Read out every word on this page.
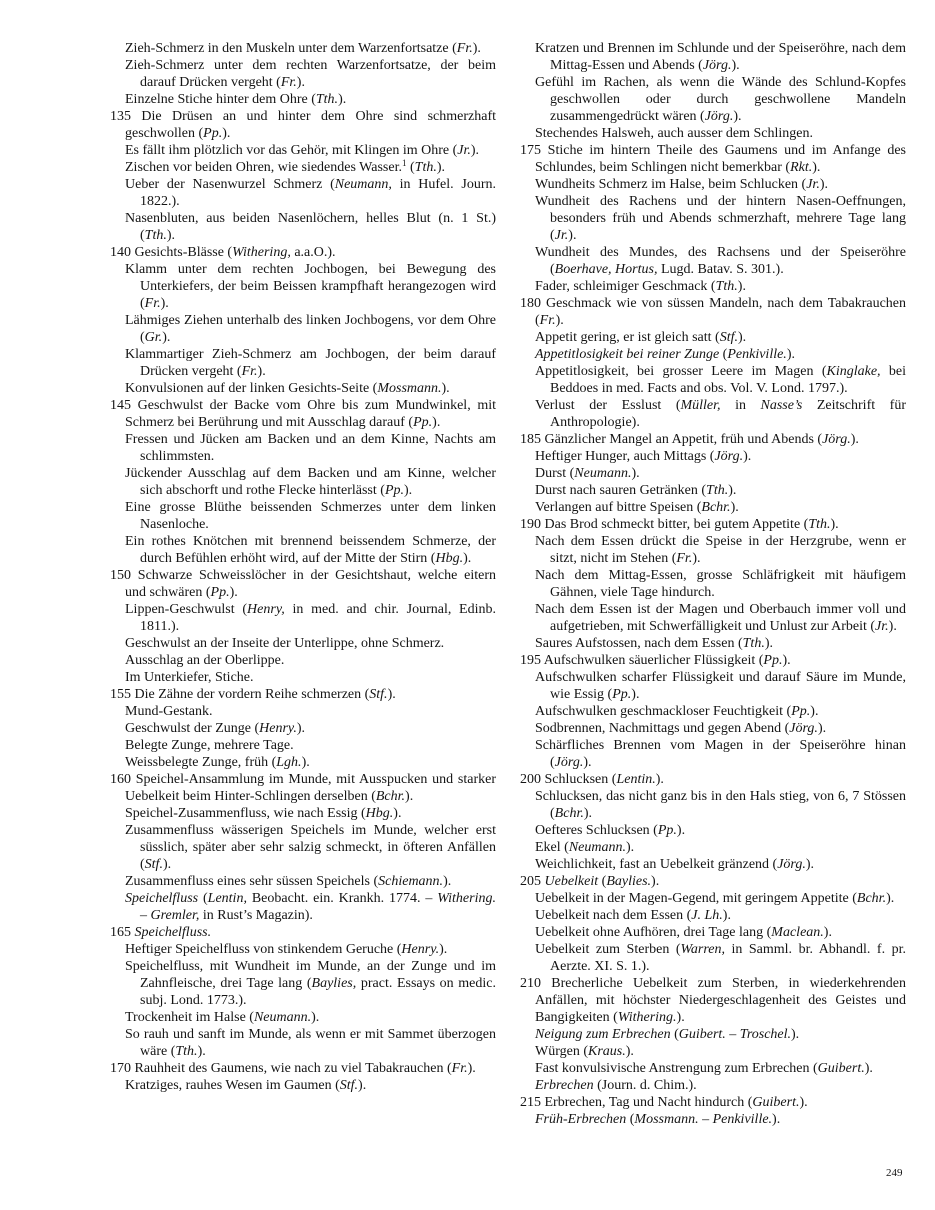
Zieh-Schmerz in den Muskeln unter dem Warzenfortsatze (Fr.).
Zieh-Schmerz unter dem rechten Warzenfortsatze, der beim darauf Drücken vergeht (Fr.).
Einzelne Stiche hinter dem Ohre (Tth.).
135 Die Drüsen an und hinter dem Ohre sind schmerzhaft geschwollen (Pp.).
Es fällt ihm plötzlich vor das Gehör, mit Klingen im Ohre (Jr.).
Zischen vor beiden Ohren, wie siedendes Wasser.$^1$ (Tth.).
Ueber der Nasenwurzel Schmerz (Neumann, in Hufel. Journ. 1822.).
Nasenbluten, aus beiden Nasenlöchern, helles Blut (n. 1 St.) (Tth.).
140 Gesichts-Blässe (Withering, a.a.O.).
Klamm unter dem rechten Jochbogen, bei Bewegung des Unterkiefers, der beim Beissen krampfhaft herangezogen wird (Fr.).
Lähmiges Ziehen unterhalb des linken Jochbogens, vor dem Ohre (Gr.).
Klammartiger Zieh-Schmerz am Jochbogen, der beim darauf Drücken vergeht (Fr.).
Konvulsionen auf der linken Gesichts-Seite (Mossmann.).
145 Geschwulst der Backe vom Ohre bis zum Mundwinkel, mit Schmerz bei Berührung und mit Ausschlag darauf (Pp.).
Fressen und Jücken am Backen und an dem Kinne, Nachts am schlimmsten.
Jückender Ausschlag auf dem Backen und am Kinne, welcher sich abschorft und rothe Flecke hinterlässt (Pp.).
Eine grosse Blüthe beissenden Schmerzes unter dem linken Nasenloche.
Ein rothes Knötchen mit brennend beissendem Schmerze, der durch Befühlen erhöht wird, auf der Mitte der Stirn (Hbg.).
150 Schwarze Schweisslöcher in der Gesichtshaut, welche eitern und schwären (Pp.).
Lippen-Geschwulst (Henry, in med. and chir. Journal, Edinb. 1811.).
Geschwulst an der Inseite der Unterlippe, ohne Schmerz.
Ausschlag an der Oberlippe.
Im Unterkiefer, Stiche.
155 Die Zähne der vordern Reihe schmerzen (Stf.).
Mund-Gestank.
Geschwulst der Zunge (Henry.).
Belegte Zunge, mehrere Tage.
Weissbelegte Zunge, früh (Lgh.).
160 Speichel-Ansammlung im Munde, mit Ausspucken und starker Uebelkeit beim Hinter-Schlingen derselben (Bchr.).
Speichel-Zusammenfluss, wie nach Essig (Hbg.).
Zusammenfluss wässerigen Speichels im Munde, welcher erst süsslich, später aber sehr salzig schmeckt, in öfteren Anfällen (Stf.).
Zusammenfluss eines sehr süssen Speichels (Schiemann.).
Speichelfluss (Lentin, Beobacht. ein. Krankh. 1774. – Withering. – Gremler, in Rust’s Magazin).
165 Speichelfluss.
Heftiger Speichelfluss von stinkendem Geruche (Henry.).
Speichelfluss, mit Wundheit im Munde, an der Zunge und im Zahnfleische, drei Tage lang (Baylies, pract. Essays on medic. subj. Lond. 1773.).
Trockenheit im Halse (Neumann.).
So rauh und sanft im Munde, als wenn er mit Sammet überzogen wäre (Tth.).
170 Rauhheit des Gaumens, wie nach zu viel Tabakrauchen (Fr.).
Kratziges, rauhes Wesen im Gaumen (Stf.).
Kratzen und Brennen im Schlunde und der Speiseröhre, nach dem Mittag-Essen und Abends (Jörg.).
Gefühl im Rachen, als wenn die Wände des Schlund-Kopfes geschwollen oder durch geschwollene Mandeln zusammengedrückt wären (Jörg.).
Stechendes Halsweh, auch ausser dem Schlingen.
175 Stiche im hintern Theile des Gaumens und im Anfange des Schlundes, beim Schlingen nicht bemerkbar (Rkt.).
Wundheits Schmerz im Halse, beim Schlucken (Jr.).
Wundheit des Rachens und der hintern Nasen-Oeffnungen, besonders früh und Abends schmerzhaft, mehrere Tage lang (Jr.).
Wundheit des Mundes, des Rachsens und der Speiseröhre (Boerhave, Hortus, Lugd. Batav. S. 301.).
Fader, schleimiger Geschmack (Tth.).
180 Geschmack wie von süssen Mandeln, nach dem Tabakrauchen (Fr.).
Appetit gering, er ist gleich satt (Stf.).
Appetitlosigkeit bei reiner Zunge (Penkiville.).
Appetitlosigkeit, bei grosser Leere im Magen (Kinglake, bei Beddoes in med. Facts and obs. Vol. V. Lond. 1797.).
Verlust der Esslust (Müller, in Nasse’s Zeitschrift für Anthropologie).
185 Gänzlicher Mangel an Appetit, früh und Abends (Jörg.).
Heftiger Hunger, auch Mittags (Jörg.).
Durst (Neumann.).
Durst nach sauren Getränken (Tth.).
Verlangen auf bittre Speisen (Bchr.).
190 Das Brod schmeckt bitter, bei gutem Appetite (Tth.).
Nach dem Essen drückt die Speise in der Herzgrube, wenn er sitzt, nicht im Stehen (Fr.).
Nach dem Mittag-Essen, grosse Schläfrigkeit mit häufigem Gähnen, viele Tage hindurch.
Nach dem Essen ist der Magen und Oberbauch immer voll und aufgetrieben, mit Schwerfälligkeit und Unlust zur Arbeit (Jr.).
Saures Aufstossen, nach dem Essen (Tth.).
195 Aufschwulken säuerlicher Flüssigkeit (Pp.).
Aufschwulken scharfer Flüssigkeit und darauf Säure im Munde, wie Essig (Pp.).
Aufschwulken geschmackloser Feuchtigkeit (Pp.).
Sodbrennen, Nachmittags und gegen Abend (Jörg.).
Schärfliches Brennen vom Magen in der Speiseröhre hinan (Jörg.).
200 Schlucksen (Lentin.).
Schlucksen, das nicht ganz bis in den Hals stieg, von 6, 7 Stössen (Bchr.).
Oefteres Schlucksen (Pp.).
Ekel (Neumann.).
Weichlichkeit, fast an Uebelkeit gränzend (Jörg.).
205 Uebelkeit (Baylies.).
Uebelkeit in der Magen-Gegend, mit geringem Appetite (Bchr.).
Uebelkeit nach dem Essen (J. Lh.).
Uebelkeit ohne Aufhören, drei Tage lang (Maclean.).
Uebelkeit zum Sterben (Warren, in Samml. br. Abhandl. f. pr. Aerzte. XI. S. 1.).
210 Brecherliche Uebelkeit zum Sterben, in wiederkehrenden Anfällen, mit höchster Niedergeschlagenheit des Geistes und Bangigkeiten (Withering.).
Neigung zum Erbrechen (Guibert. – Troschel.).
Würgen (Kraus.).
Fast konvulsivische Anstrengung zum Erbrechen (Guibert.).
Erbrechen (Journ. d. Chim.).
215 Erbrechen, Tag und Nacht hindurch (Guibert.).
Früh-Erbrechen (Mossmann. – Penkiville.).
249
